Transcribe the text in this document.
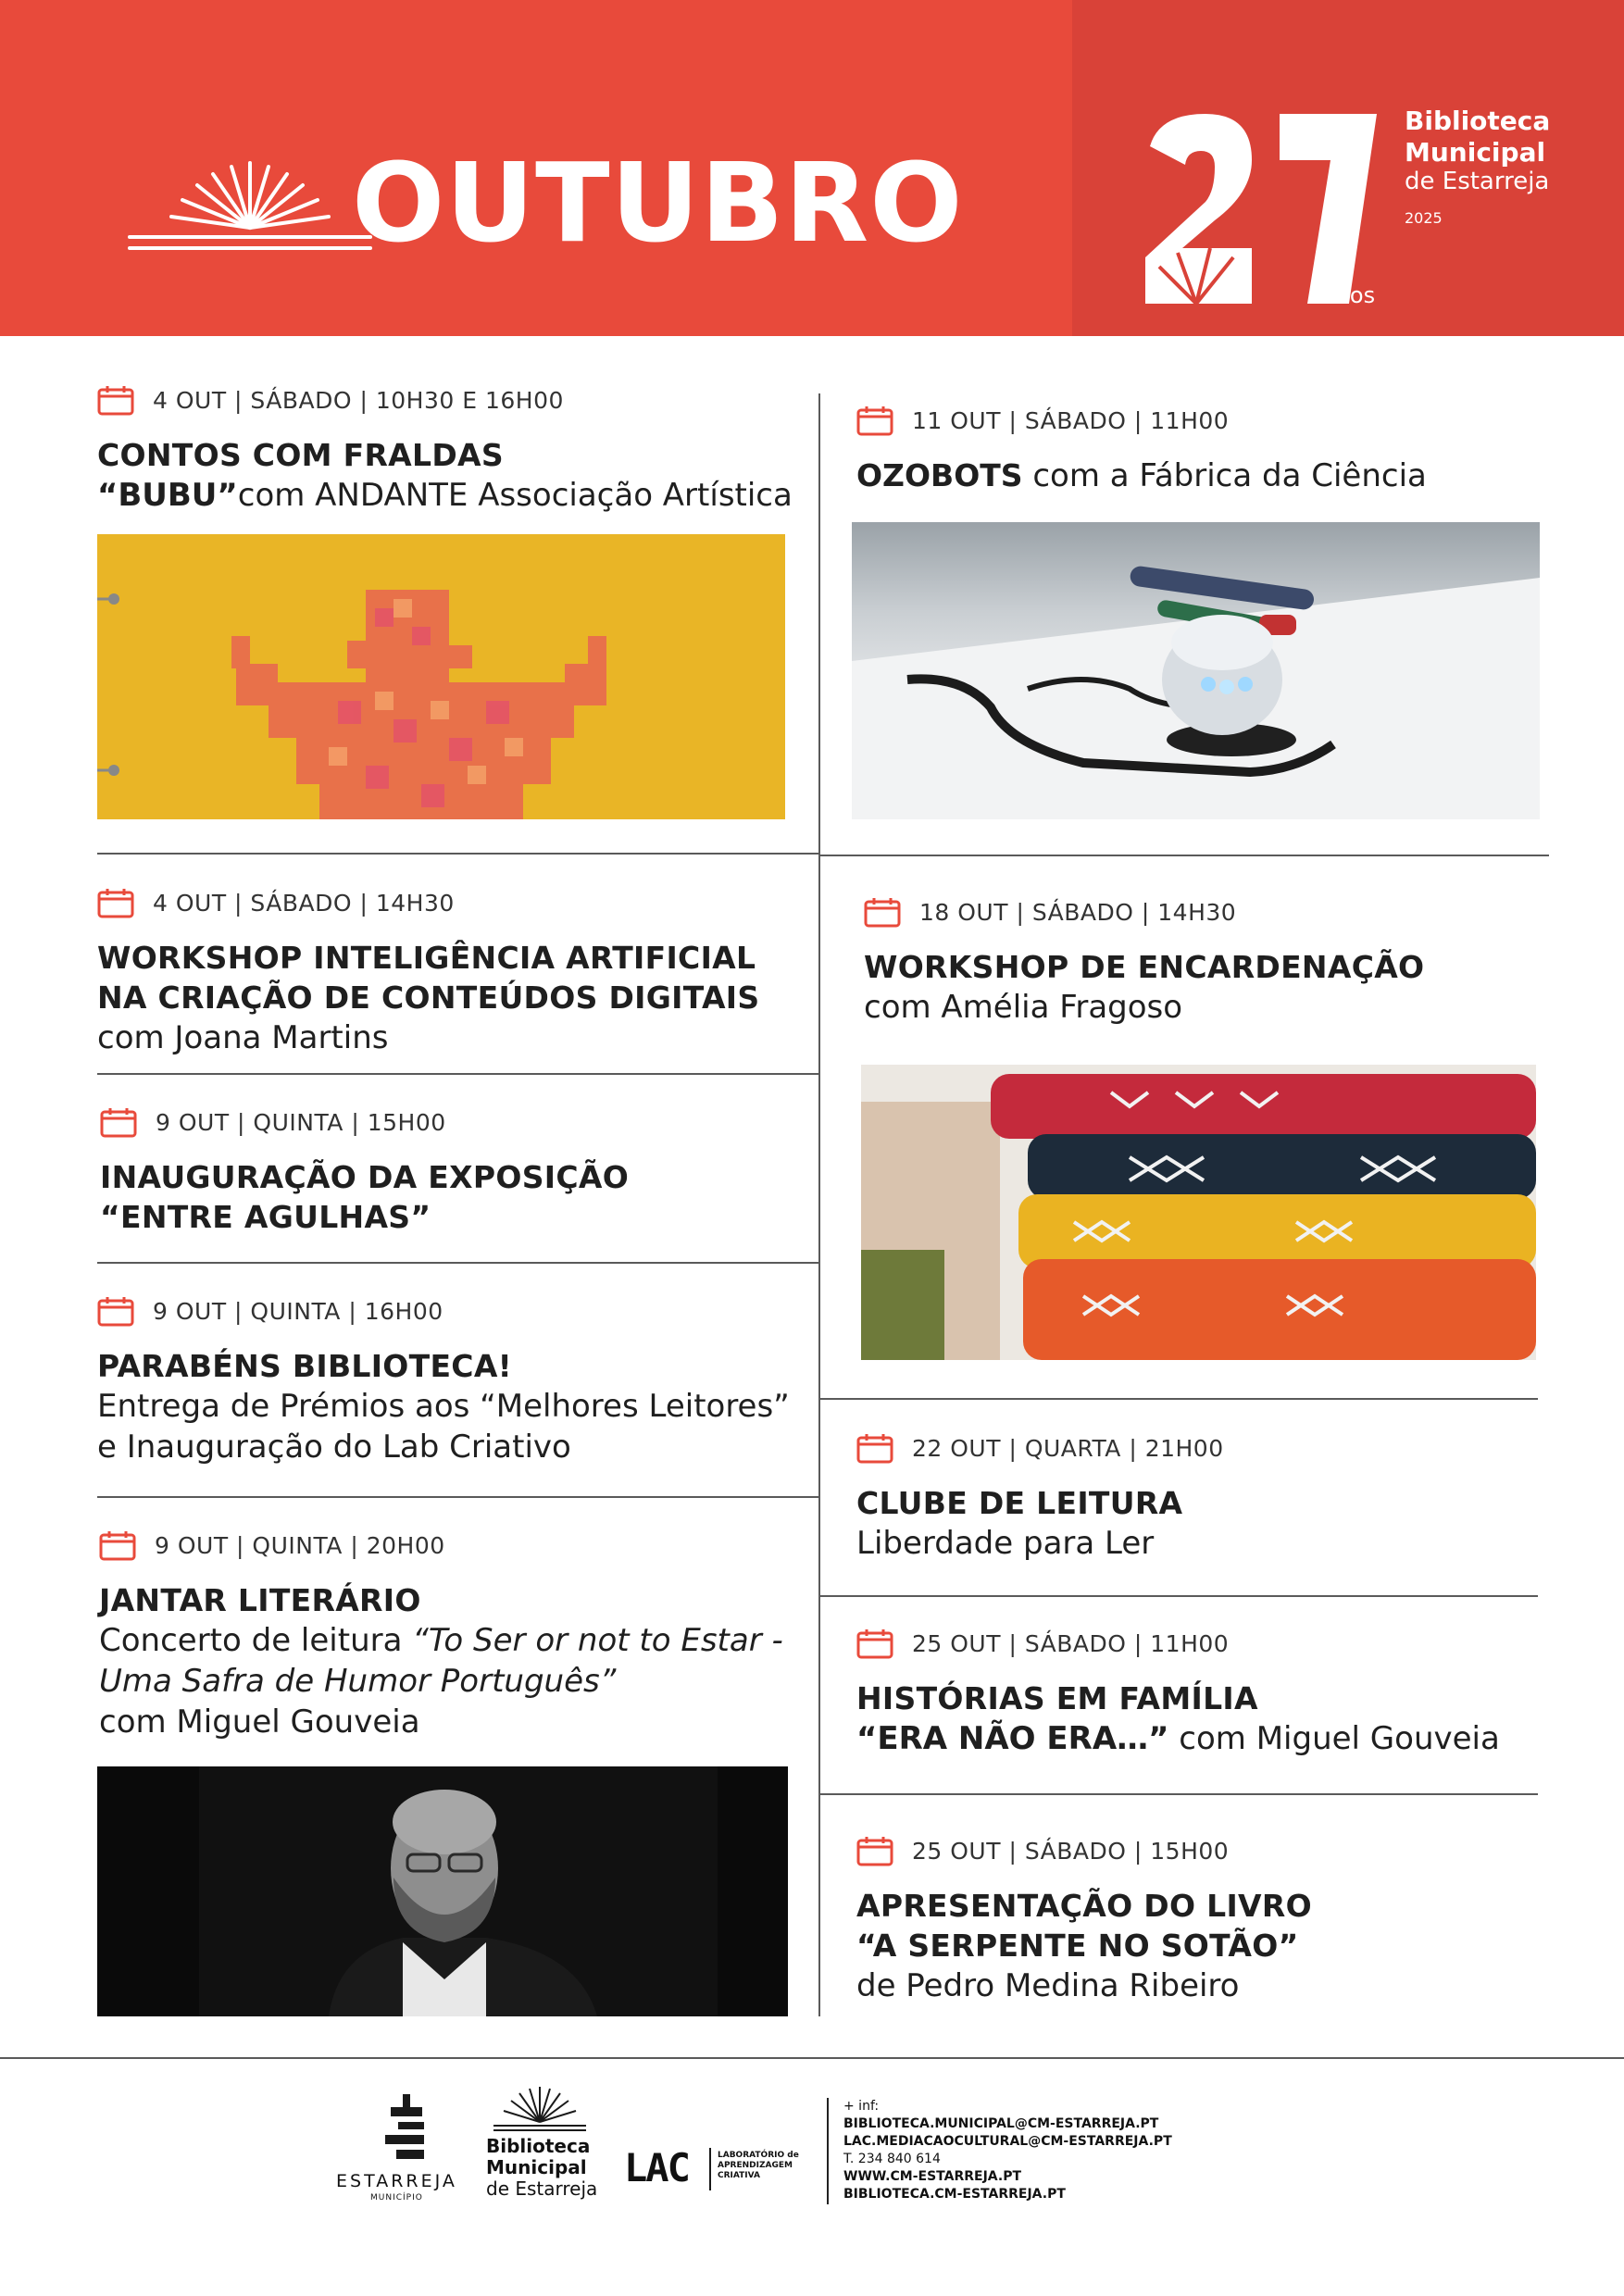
OUTUBRO
anos
Biblioteca
Municipal
de Estarreja
2025
4 OUT | SÁBADO | 10H30 E 16H00
CONTOS COM FRALDAS
“BUBU”com ANDANTE Associação Artística
11 OUT | SÁBADO | 11H00
OZOBOTS com a Fábrica da Ciência
4 OUT | SÁBADO | 14H30
WORKSHOP INTELIGÊNCIA ARTIFICIAL
NA CRIAÇÃO DE CONTEÚDOS DIGITAIS
com Joana Martins
18 OUT | SÁBADO | 14H30
WORKSHOP DE ENCARDENAÇÃO
com Amélia Fragoso
9 OUT | QUINTA | 15H00
INAUGURAÇÃO DA EXPOSIÇÃO
“ENTRE AGULHAS”
9 OUT | QUINTA | 16H00
PARABÉNS BIBLIOTECA!
Entrega de Prémios aos “Melhores Leitores”
e Inauguração do Lab Criativo	22 OUT | QUARTA | 21H00
CLUBE DE LEITURA
Liberdade para Ler
9 OUT | QUINTA | 20H00
JANTAR LITERÁRIO
Concerto de leitura “To Ser or not to Estar -
Uma Safra de Humor Português”
com Miguel Gouveia
25 OUT | SÁBADO | 11H00
HISTÓRIAS EM FAMÍLIA
“ERA NÃO ERA…” com Miguel Gouveia
25 OUT | SÁBADO | 15H00
APRESENTAÇÃO DO LIVRO
“A SERPENTE NO SOTÃO”
de Pedro Medina Ribeiro
ESTARREJA
MUNICÍPIO
Biblioteca
Municipal
de Estarreja LAC	LABORATÓRIO de
APRENDIZAGEM
CRIATIVA
+ inf:
BIBLIOTECA.MUNICIPAL@CM-ESTARREJA.PT
LAC.MEDIACAOCULTURAL@CM-ESTARREJA.PT
T. 234 840 614
WWW.CM-ESTARREJA.PT
BIBLIOTECA.CM-ESTARREJA.PT
